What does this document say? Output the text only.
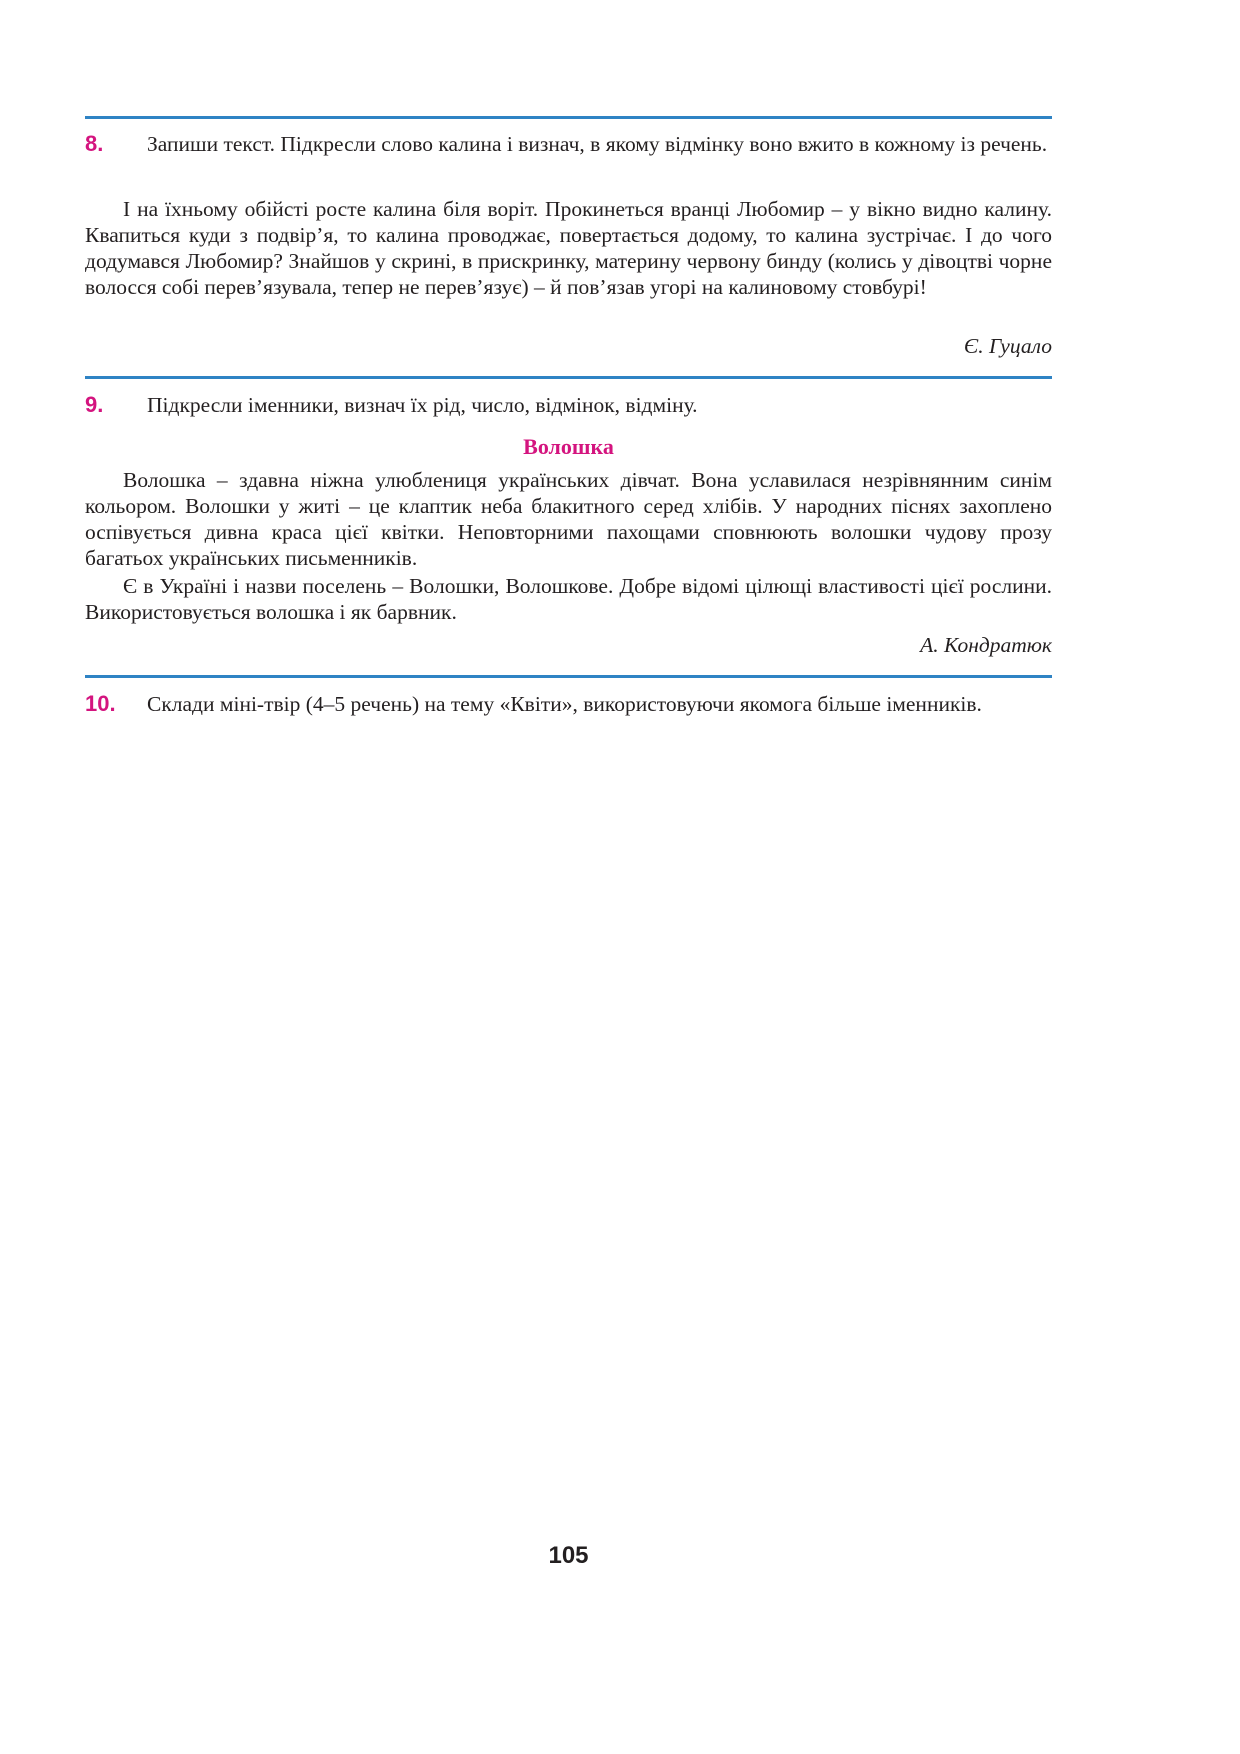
8. Запиши текст. Підкресли слово калина і визнач, в якому відмінку воно вжито в кожному із речень.

І на їхньому обійсті росте калина біля воріт. Прокинеться вранці Любомир – у вікно видно калину. Квапиться куди з подвір’я, то калина проводжає, повертається додому, то калина зустрічає. І до чого додумався Любомир? Знайшов у скрині, в прискринку, материну червону бинду (колись у дівоцтві чорне волосся собі перев’язувала, тепер не перев’язує) – й пов’язав угорі на калиновому стовбурі!

Є. Гуцало
9. Підкресли іменники, визнач їх рід, число, відмінок, відміну.
Волошка

Волошка – здавна ніжна улюблениця українських дівчат. Вона уславилася незрівнянним синім кольором. Волошки у житі – це клаптик неба блакитного серед хлібів. У народних піснях захоплено оспівується дивна краса цієї квітки. Неповторними пахощами сповнюють волошки чудову прозу багатьох українських письменників.

Є в Україні і назви поселень – Волошки, Волошкове. Добре відомі цілющі властивості цієї рослини. Використовується волошка і як барвник.

А. Кондратюк
10. Склади міні-твір (4–5 речень) на тему «Квіти», використовуючи якомога більше іменників.
105
